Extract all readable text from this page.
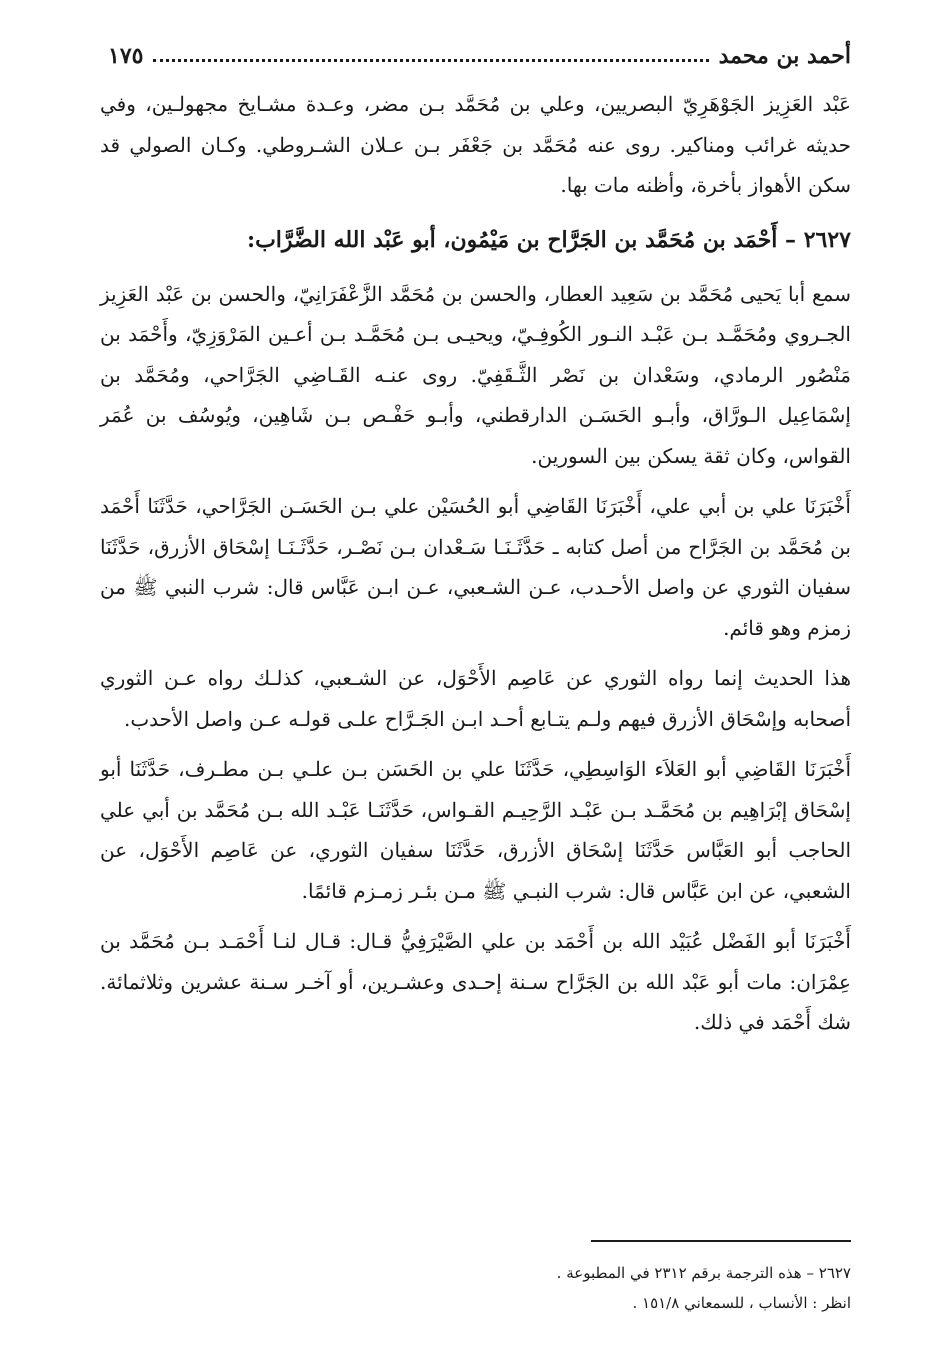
أحمد بن محمد
١٧٥

عَبْد العَزِيز الجَوْهَرِيّ البصريين، وعلي بن مُحَمَّد بـن مضر، وعـدة مشـايخ مجهولـين، وفي حديثه غرائب ومناكير. روى عنه مُحَمَّد بن جَعْفَر بـن عـلان الشـروطي. وكـان الصولي قد سكن الأهواز بأخرة، وأظنه مات بها.

٢٦٢٧ – أَحْمَد بن مُحَمَّد بن الجَرَّاح بن مَيْمُون، أبو عَبْد الله الضَّرَّاب:

سمع أبا يَحيى مُحَمَّد بن سَعِيد العطار، والحسن بن مُحَمَّد الزَّعْفَرَانِيّ، والحسن بن عَبْد العَزِيز الجـروي ومُحَمَّـد بـن عَبْـد النـور الكُوفِـيّ، ويحيـى بـن مُحَمَّـد بـن أعـين المَرْوَزِيّ، وأَحْمَد بن مَنْصُور الرمادي، وسَعْدان بن نَصْر الثَّـقَفِيّ. روى عنـه القَـاضِي الجَرَّاحي، ومُحَمَّد بن إسْمَاعِيل الـورَّاق، وأبـو الحَسَـن الدارقطني، وأبـو حَفْـص بـن شَاهِين، ويُوسُف بن عُمَر القواس، وكان ثقة يسكن بين السورين.

أَخْبَرَنَا علي بن أبي علي، أَخْبَرَنَا القَاضِي أبو الحُسَيْن علي بـن الحَسَـن الجَرَّاحي، حَدَّثَنَا أَحْمَد بن مُحَمَّد بن الجَرَّاح من أصل كتابه ـ حَدَّثَـنَـا سَـعْدان بـن نَصْـر، حَدَّثَـنَـا إسْحَاق الأزرق، حَدَّثَنَا سفيان الثوري عن واصل الأحـدب، عـن الشـعبي، عـن ابـن عَبَّاس قال: شرب النبي ﷺ من زمزم وهو قائم.

هذا الحديث إنما رواه الثوري عن عَاصِم الأَحْوَل، عن الشـعبي، كذلـك رواه عـن الثوري أصحابه وإسْحَاق الأزرق فيهم ولـم يتـابع أحـد ابـن الجَـرَّاح علـى قولـه عـن واصل الأحدب.

أَخْبَرَنَا القَاضِي أبو العَلاَء الوَاسِطِي، حَدَّثَنَا علي بن الحَسَن بـن علـي بـن مطـرف، حَدَّثَنَا أبو إسْحَاق إبْرَاهِيم بن مُحَمَّـد بـن عَبْـد الرَّحِيـم القـواس، حَدَّثَنَـا عَبْـد الله بـن مُحَمَّد بن أبي علي الحاجب أبو العَبَّاس حَدَّثَنَا إسْحَاق الأزرق، حَدَّثَنَا سفيان الثوري، عن عَاصِم الأَحْوَل، عن الشعبي، عن ابن عَبَّاس قال: شرب النبـي ﷺ مـن بئـر زمـزم قائمًا.

أَخْبَرَنَا أبو الفَضْل عُبَيْد الله بن أَحْمَد بن علي الصَّيْرَفِيُّ قـال: قـال لنـا أَحْمَـد بـن مُحَمَّد بن عِمْرَان: مات أبو عَبْد الله بن الجَرَّاح سـنة إحـدى وعشـرين، أو آخـر سـنة عشرين وثلاثمائة. شك أَحْمَد في ذلك.

٢٦٢٧ – هذه الترجمة برقم ٢٣١٢ في المطبوعة .

انظر : الأنساب ، للسمعاني ١٥١/٨ .
